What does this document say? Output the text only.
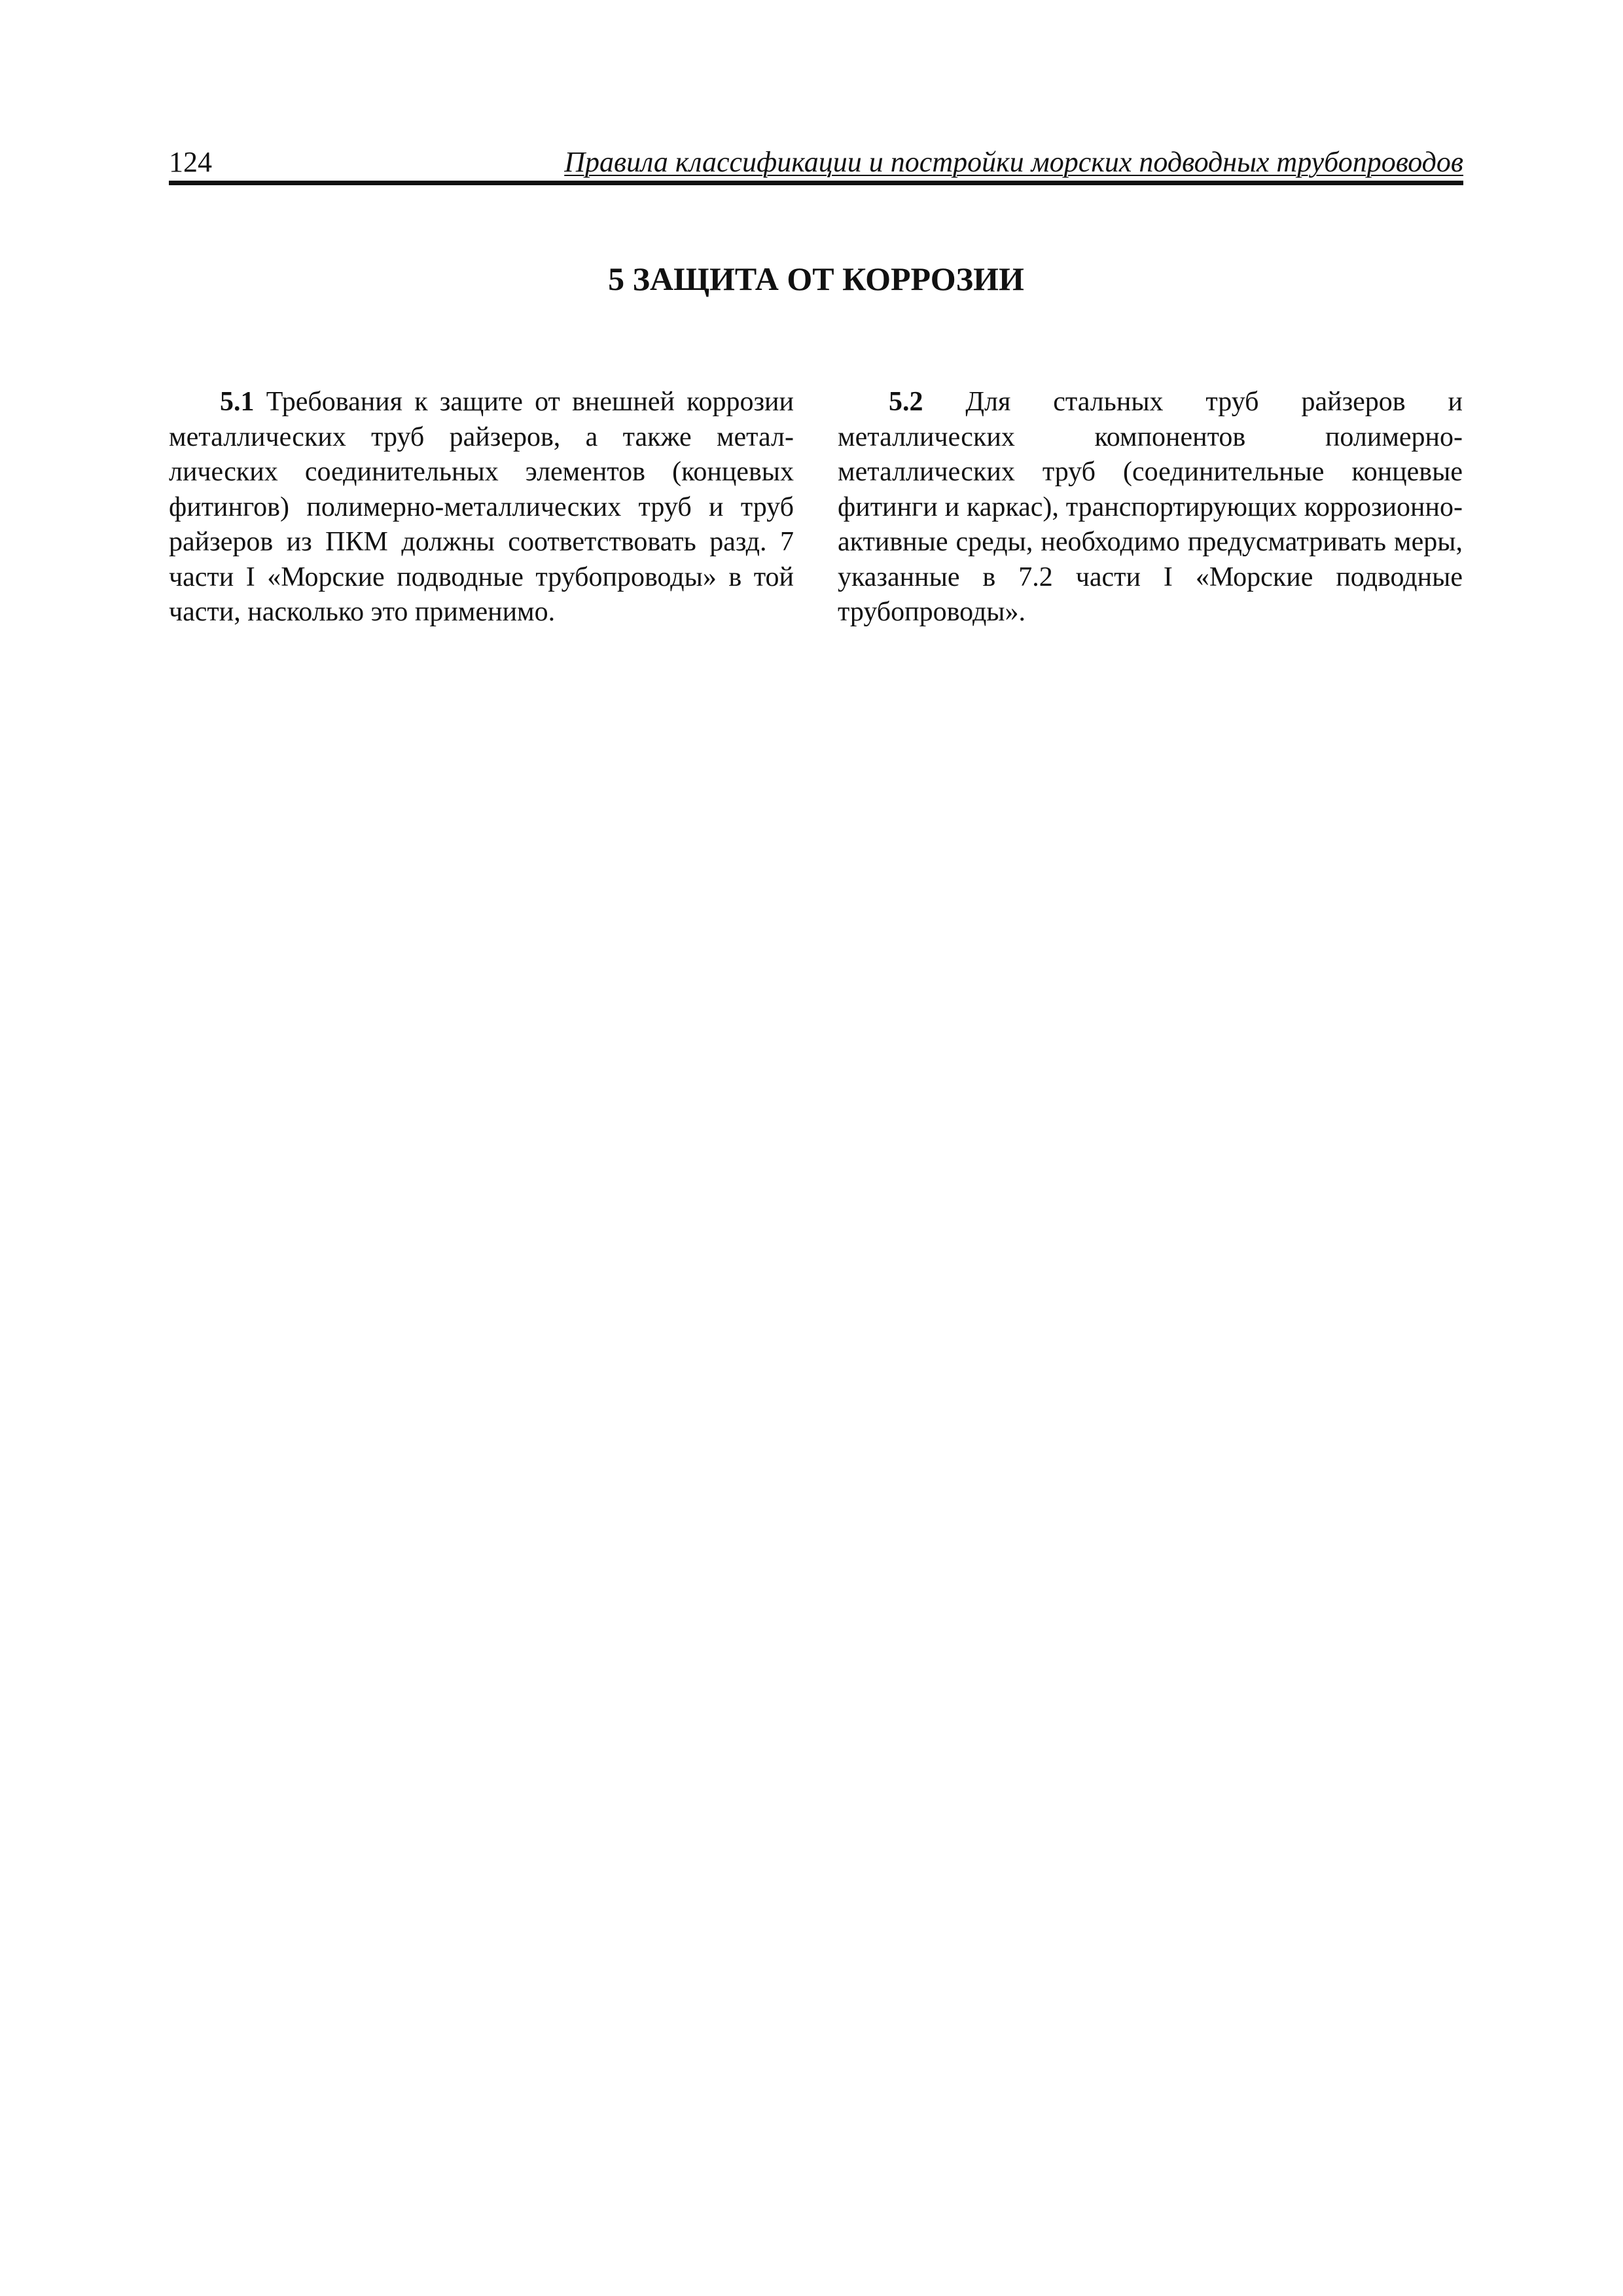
124	Правила классификации и постройки морских подводных трубопроводов
5 ЗАЩИТА ОТ КОРРОЗИИ

5.1 Требования к защите от внешней коррозии металлических труб райзеров, а также металлических соединительных элементов (концевых фитингов) полимерно-металлических труб и труб райзеров из ПКМ должны соответствовать разд. 7 части I «Морские подводные трубопроводы» в той части, насколько это применимо.

5.2 Для стальных труб райзеров и металлических компонентов полимерно-металлических труб (соединительные концевые фитинги и каркас), транспортирующих коррозионно-активные среды, необходимо предусматривать меры, указанные в 7.2 части I «Морские подводные трубопроводы».
